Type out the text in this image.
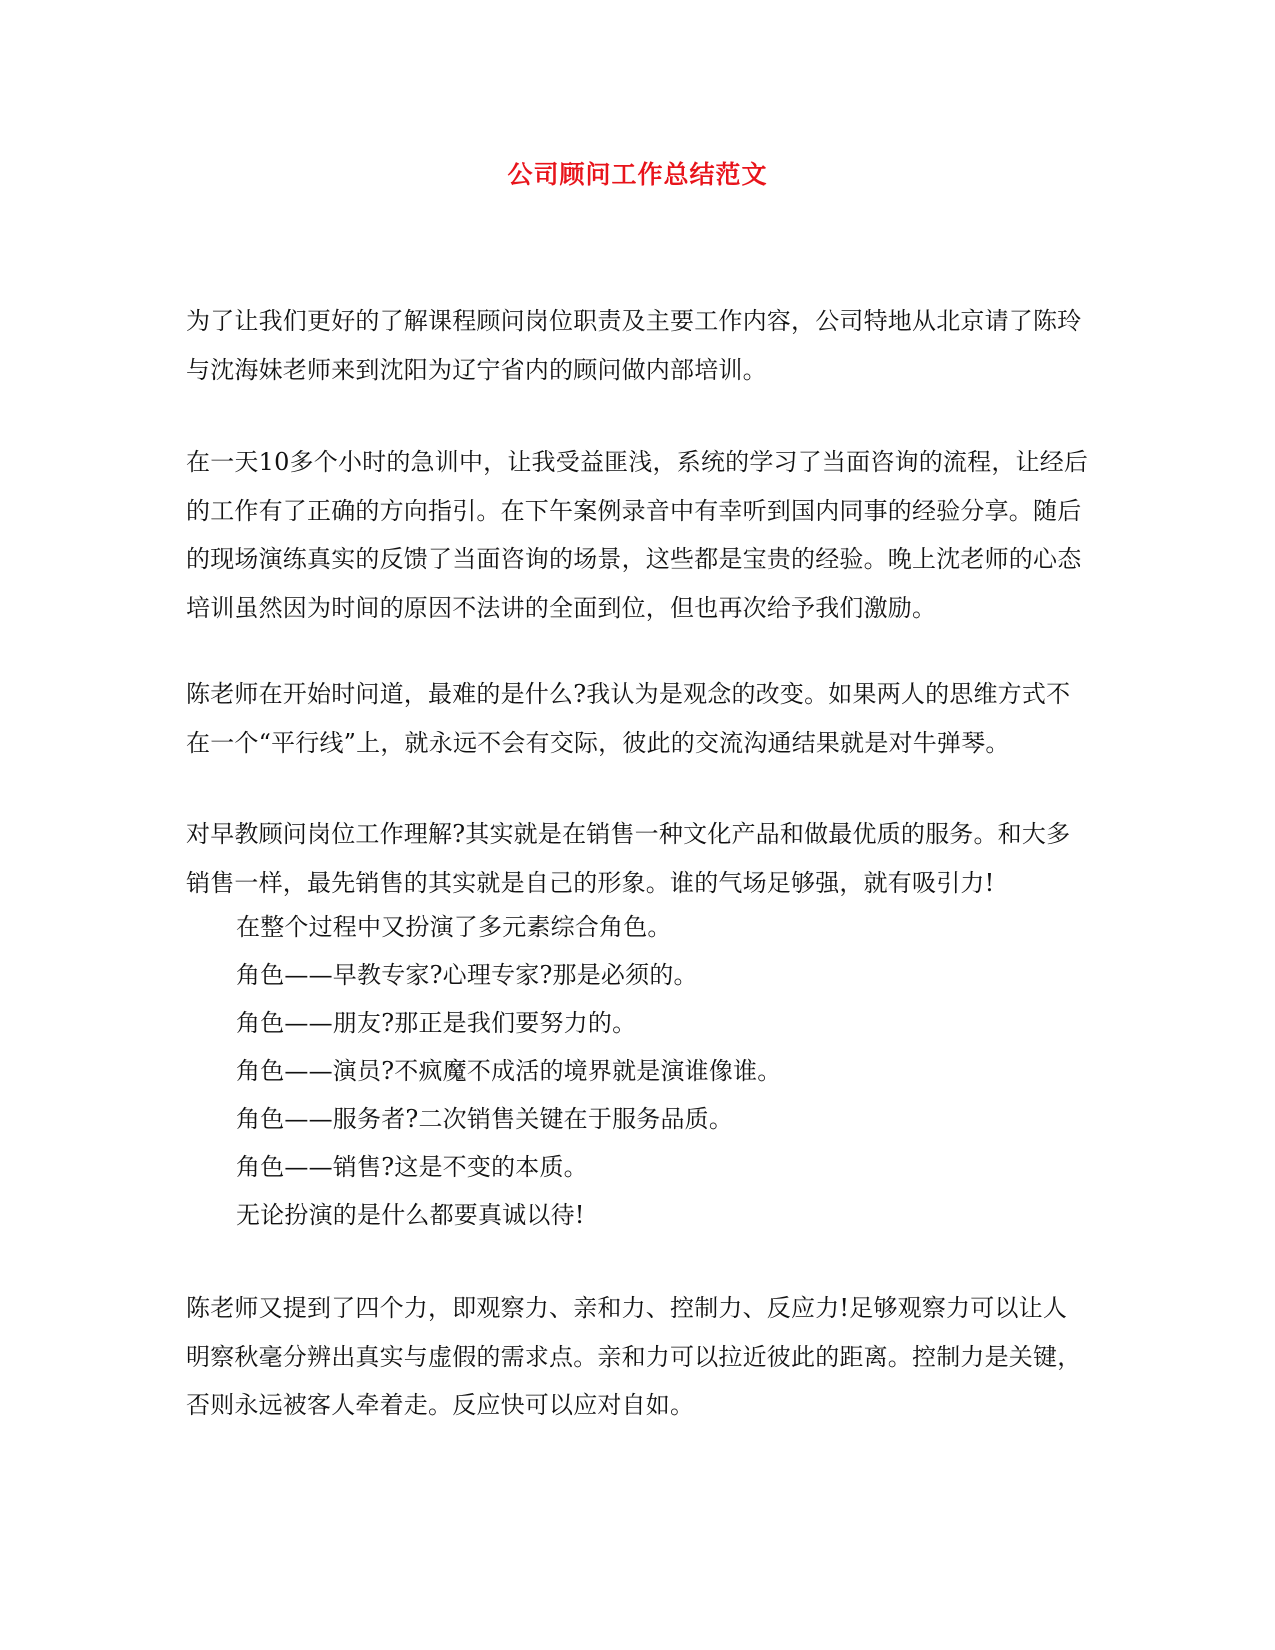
公司顾问工作总结范文

为了让我们更好的了解课程顾问岗位职责及主要工作内容，公司特地从北京请了陈玲与沈海妹老师来到沈阳为辽宁省内的顾问做内部培训。

在一天10多个小时的急训中，让我受益匪浅，系统的学习了当面咨询的流程，让经后的工作有了正确的方向指引。在下午案例录音中有幸听到国内同事的经验分享。随后的现场演练真实的反馈了当面咨询的场景，这些都是宝贵的经验。晚上沈老师的心态培训虽然因为时间的原因不法讲的全面到位，但也再次给予我们激励。

陈老师在开始时问道，最难的是什么?我认为是观念的改变。如果两人的思维方式不在一个“平行线”上，就永远不会有交际，彼此的交流沟通结果就是对牛弹琴。

对早教顾问岗位工作理解?其实就是在销售一种文化产品和做最优质的服务。和大多销售一样，最先销售的其实就是自己的形象。谁的气场足够强，就有吸引力!

在整个过程中又扮演了多元素综合角色。

角色——早教专家?心理专家?那是必须的。

角色——朋友?那正是我们要努力的。

角色——演员?不疯魔不成活的境界就是演谁像谁。

角色——服务者?二次销售关键在于服务品质。

角色——销售?这是不变的本质。

无论扮演的是什么都要真诚以待!

陈老师又提到了四个力，即观察力、亲和力、控制力、反应力!足够观察力可以让人明察秋毫分辨出真实与虚假的需求点。亲和力可以拉近彼此的距离。控制力是关键，否则永远被客人牵着走。反应快可以应对自如。
